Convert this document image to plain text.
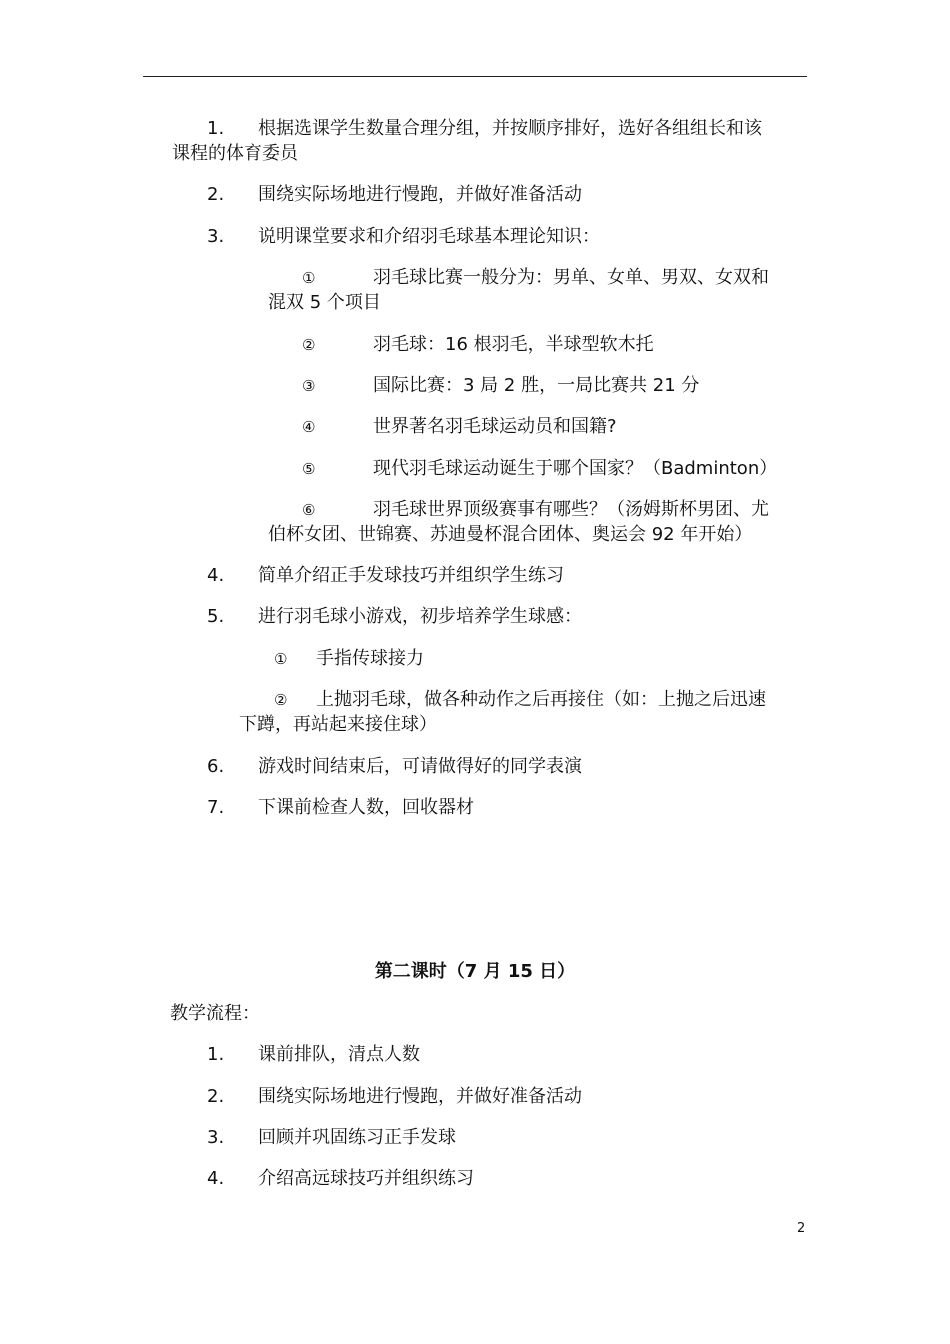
1. 根据选课学生数量合理分组，并按顺序排好，选好各组组长和该
课程的体育委员
2. 围绕实际场地进行慢跑，并做好准备活动
3. 说明课堂要求和介绍羽毛球基本理论知识：
①	羽毛球比赛一般分为：男单、女单、男双、女双和
混双 5 个项目
②	羽毛球：16 根羽毛，半球型软木托
③	国际比赛：3 局 2 胜，一局比赛共 21 分
④	世界著名羽毛球运动员和国籍?
⑤	现代羽毛球运动诞生于哪个国家？（Badminton）
⑥	羽毛球世界顶级赛事有哪些？（汤姆斯杯男团、尤
伯杯女团、世锦赛、苏迪曼杯混合团体、奥运会 92 年开始）
4. 简单介绍正手发球技巧并组织学生练习
5. 进行羽毛球小游戏，初步培养学生球感：
① 手指传球接力
② 上抛羽毛球，做各种动作之后再接住（如：上抛之后迅速
下蹲，再站起来接住球）
6. 游戏时间结束后，可请做得好的同学表演
7. 下课前检查人数，回收器材
第二课时（7 月 15 日）
教学流程：
1. 课前排队，清点人数
2. 围绕实际场地进行慢跑，并做好准备活动
3. 回顾并巩固练习正手发球
4. 介绍高远球技巧并组织练习
2
